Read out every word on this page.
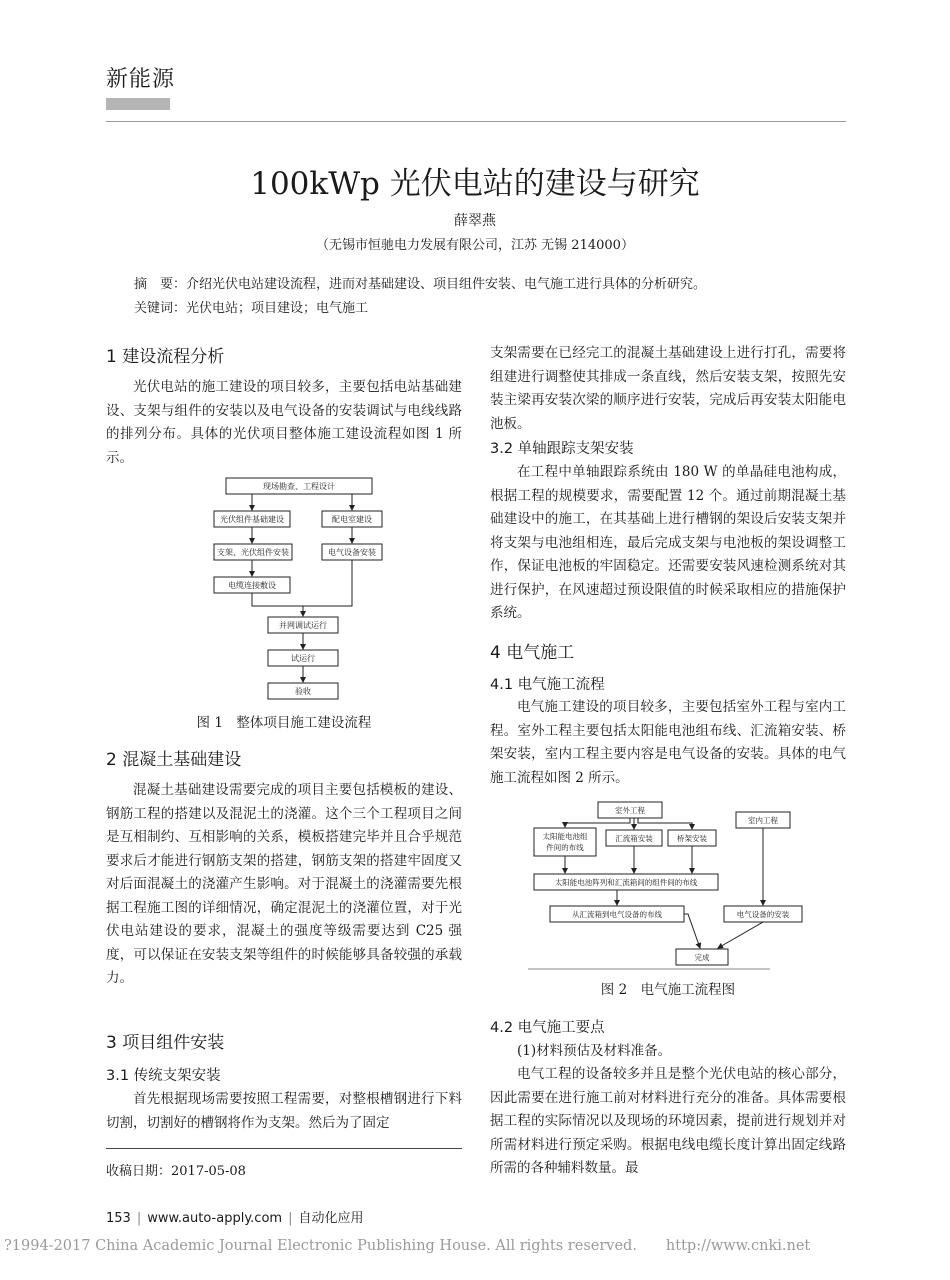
新能源
100kWp 光伏电站的建设与研究
薛翠燕
（无锡市恒驰电力发展有限公司，江苏 无锡 214000）
摘　要：介绍光伏电站建设流程，进而对基础建设、项目组件安装、电气施工进行具体的分析研究。
关键词：光伏电站；项目建设；电气施工
1 建设流程分析
光伏电站的施工建设的项目较多，主要包括电站基础建设、支架与组件的安装以及电气设备的安装调试与电线线路的排列分布。具体的光伏项目整体施工建设流程如图 1 所示。
现场勘查、工程设计
光伏组件基础建设	配电室建设
支架、光伏组件安装	电气设备安装
电缆连接敷设
并网调试运行
试运行
验收
图 1　整体项目施工建设流程
2 混凝土基础建设
混凝土基础建设需要完成的项目主要包括模板的建设、钢筋工程的搭建以及混泥土的浇灌。这个三个工程项目之间是互相制约、互相影响的关系，模板搭建完毕并且合乎规范要求后才能进行钢筋支架的搭建，钢筋支架的搭建牢固度又对后面混凝土的浇灌产生影响。对于混凝土的浇灌需要先根据工程施工图的详细情况，确定混泥土的浇灌位置，对于光伏电站建设的要求，混凝土的强度等级需要达到 C25 强度，可以保证在安装支架等组件的时候能够具备较强的承载力。
3 项目组件安装
3.1 传统支架安装
首先根据现场需要按照工程需要，对整根槽钢进行下料切割，切割好的槽钢将作为支架。然后为了固定
收稿日期：2017-05-08
支架需要在已经完工的混凝土基础建设上进行打孔，需要将组建进行调整使其排成一条直线，然后安装支架，按照先安装主梁再安装次梁的顺序进行安装，完成后再安装太阳能电池板。
3.2 单轴跟踪支架安装
在工程中单轴跟踪系统由 180 W 的单晶硅电池构成，根据工程的规模要求，需要配置 12 个。通过前期混凝土基础建设中的施工，在其基础上进行槽钢的架设后安装支架并将支架与电池组相连，最后完成支架与电池板的架设调整工作，保证电池板的牢固稳定。还需要安装风速检测系统对其进行保护，在风速超过预设限值的时候采取相应的措施保护系统。
4 电气施工
4.1 电气施工流程
电气施工建设的项目较多，主要包括室外工程与室内工程。室外工程主要包括太阳能电池组布线、汇流箱安装、桥架安装，室内工程主要内容是电气设备的安装。具体的电气施工流程如图 2 所示。
室外工程
室内工程
太阳能电池组
件间的布线
汇流箱安装	桥架安装
太阳能电池阵列和汇流箱间的组件间的布线
从汇流箱到电气设备的布线	电气设备的安装
完成
图 2　电气施工流程图
4.2 电气施工要点
(1)材料预估及材料准备。
电气工程的设备较多并且是整个光伏电站的核心部分，因此需要在进行施工前对材料进行充分的准备。具体需要根据工程的实际情况以及现场的环境因素，提前进行规划并对所需材料进行预定采购。根据电线电缆长度计算出固定线路所需的各种辅料数量。最
153 | www.auto-apply.com | 自动化应用
?1994-2017 China Academic Journal Electronic Publishing House. All rights reserved.　　http://www.cnki.net
